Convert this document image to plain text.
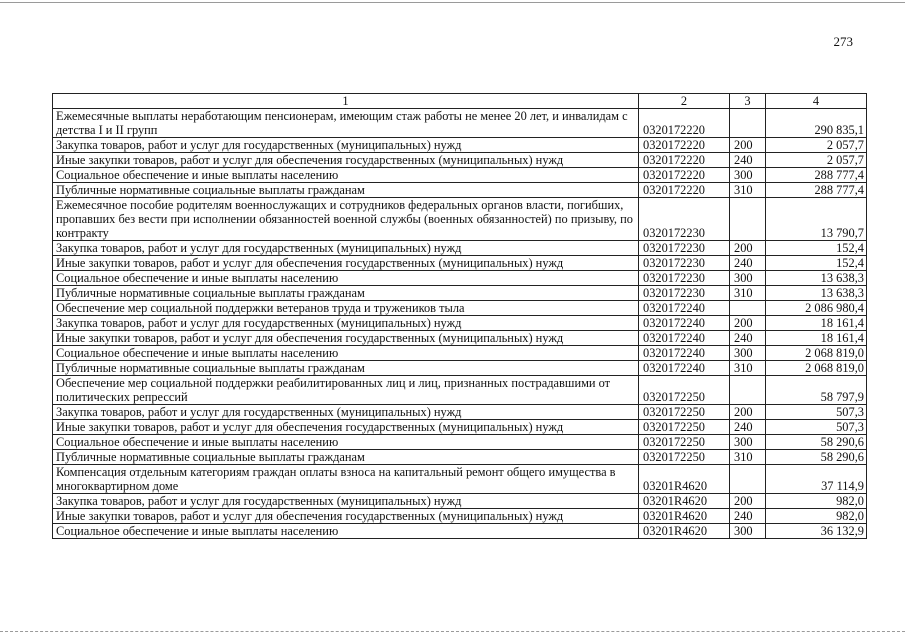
273
1	2	3	4
Ежемесячные выплаты неработающим пенсионерам, имеющим стаж работы не менее 20 лет, и инвалидам с детства I и II групп	0320172220		290 835,1
Закупка товаров, работ и услуг для государственных (муниципальных) нужд	0320172220	200	2 057,7
Иные закупки товаров, работ и услуг для обеспечения государственных (муниципальных) нужд	0320172220	240	2 057,7
Социальное обеспечение и иные выплаты населению	0320172220	300	288 777,4
Публичные нормативные социальные выплаты гражданам	0320172220	310	288 777,4
Ежемесячное пособие родителям военнослужащих и сотрудников федеральных органов власти, погибших, пропавших без вести при исполнении обязанностей военной службы (военных обязанностей) по призыву, по контракту	0320172230		13 790,7
Закупка товаров, работ и услуг для государственных (муниципальных) нужд	0320172230	200	152,4
Иные закупки товаров, работ и услуг для обеспечения государственных (муниципальных) нужд	0320172230	240	152,4
Социальное обеспечение и иные выплаты населению	0320172230	300	13 638,3
Публичные нормативные социальные выплаты гражданам	0320172230	310	13 638,3
Обеспечение мер социальной поддержки ветеранов труда и тружеников тыла	0320172240		2 086 980,4
Закупка товаров, работ и услуг для государственных (муниципальных) нужд	0320172240	200	18 161,4
Иные закупки товаров, работ и услуг для обеспечения государственных (муниципальных) нужд	0320172240	240	18 161,4
Социальное обеспечение и иные выплаты населению	0320172240	300	2 068 819,0
Публичные нормативные социальные выплаты гражданам	0320172240	310	2 068 819,0
Обеспечение мер социальной поддержки реабилитированных лиц и лиц, признанных пострадавшими от политических репрессий	0320172250		58 797,9
Закупка товаров, работ и услуг для государственных (муниципальных) нужд	0320172250	200	507,3
Иные закупки товаров, работ и услуг для обеспечения государственных (муниципальных) нужд	0320172250	240	507,3
Социальное обеспечение и иные выплаты населению	0320172250	300	58 290,6
Публичные нормативные социальные выплаты гражданам	0320172250	310	58 290,6
Компенсация отдельным категориям граждан оплаты взноса на капитальный ремонт общего имущества в многоквартирном доме	03201R4620		37 114,9
Закупка товаров, работ и услуг для государственных (муниципальных) нужд	03201R4620	200	982,0
Иные закупки товаров, работ и услуг для обеспечения государственных (муниципальных) нужд	03201R4620	240	982,0
Социальное обеспечение и иные выплаты населению	03201R4620	300	36 132,9
